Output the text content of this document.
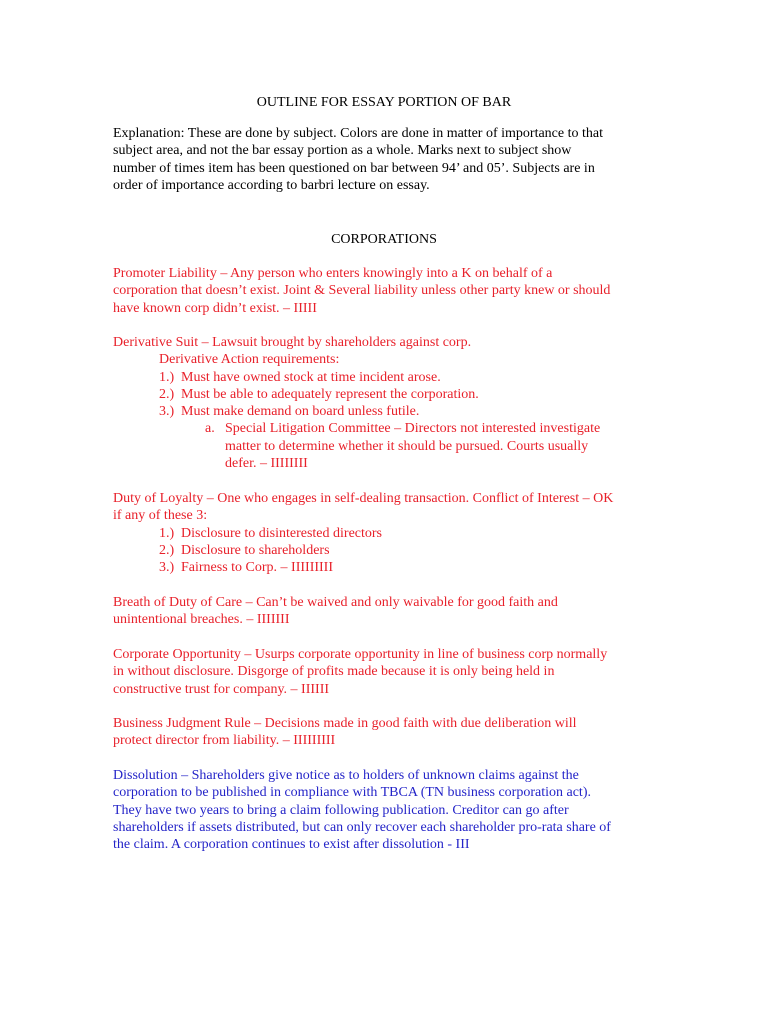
OUTLINE FOR ESSAY PORTION OF BAR
Explanation: These are done by subject. Colors are done in matter of importance to that
subject area, and not the bar essay portion as a whole. Marks next to subject show
number of times item has been questioned on bar between 94’ and 05’. Subjects are in
order of importance according to barbri lecture on essay.
CORPORATIONS
Promoter Liability – Any person who enters knowingly into a K on behalf of a
corporation that doesn’t exist. Joint & Several liability unless other party knew or should
have known corp didn’t exist. – IIIII
Derivative Suit – Lawsuit brought by shareholders against corp.
Derivative Action requirements:
1.) Must have owned stock at time incident arose.
2.) Must be able to adequately represent the corporation.
3.) Must make demand on board unless futile.
a. Special Litigation Committee – Directors not interested investigate
matter to determine whether it should be pursued. Courts usually
defer. – IIIIIIII
Duty of Loyalty – One who engages in self-dealing transaction. Conflict of Interest – OK
if any of these 3:
1.) Disclosure to disinterested directors
2.) Disclosure to shareholders
3.) Fairness to Corp. – IIIIIIIII
Breath of Duty of Care – Can’t be waived and only waivable for good faith and
unintentional breaches. – IIIIIII
Corporate Opportunity – Usurps corporate opportunity in line of business corp normally
in without disclosure. Disgorge of profits made because it is only being held in
constructive trust for company. – IIIIII
Business Judgment Rule – Decisions made in good faith with due deliberation will
protect director from liability. – IIIIIIIII
Dissolution – Shareholders give notice as to holders of unknown claims against the
corporation to be published in compliance with TBCA (TN business corporation act).
They have two years to bring a claim following publication. Creditor can go after
shareholders if assets distributed, but can only recover each shareholder pro-rata share of
the claim. A corporation continues to exist after dissolution - III
